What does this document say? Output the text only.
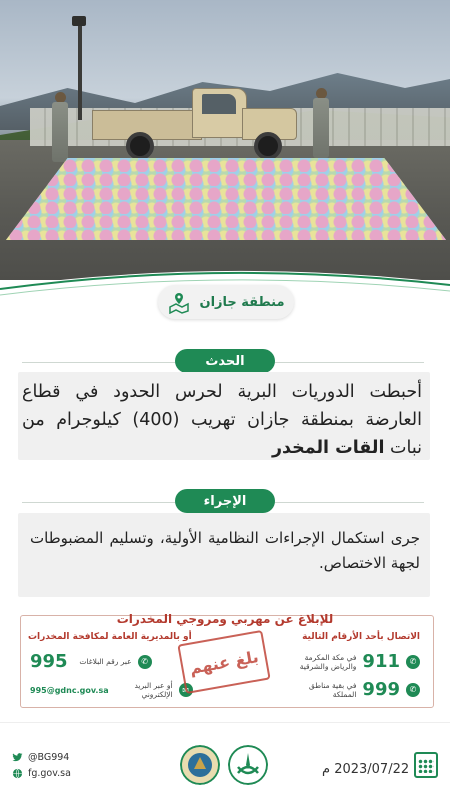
منطقة جازان
الحدث
أحبطت الدوريات البرية لحرس الحدود في قطاع العارضة بمنطقة جازان تهريب (400) كيلوجرام من نبات القات المخدر
الإجراء
جرى استكمال الإجراءات النظامية الأولية، وتسليم المضبوطات لجهة الاختصاص.
للإبلاغ عن مهربي ومروجي المخدرات
الاتصال بأحد الأرقام التالية
أو بالمديرية العامة لمكافحة المخدرات
✆
911
في مكة المكرمة والرياض والشرقية
✆
999
في بقية مناطق المملكة
995	عبر رقم البلاغات	✆
995@gdnc.gov.sa	أو عبر البريد الإلكتروني	✉
بلغ عنهم
@BG994
fg.gov.sa	2023/07/22 م
